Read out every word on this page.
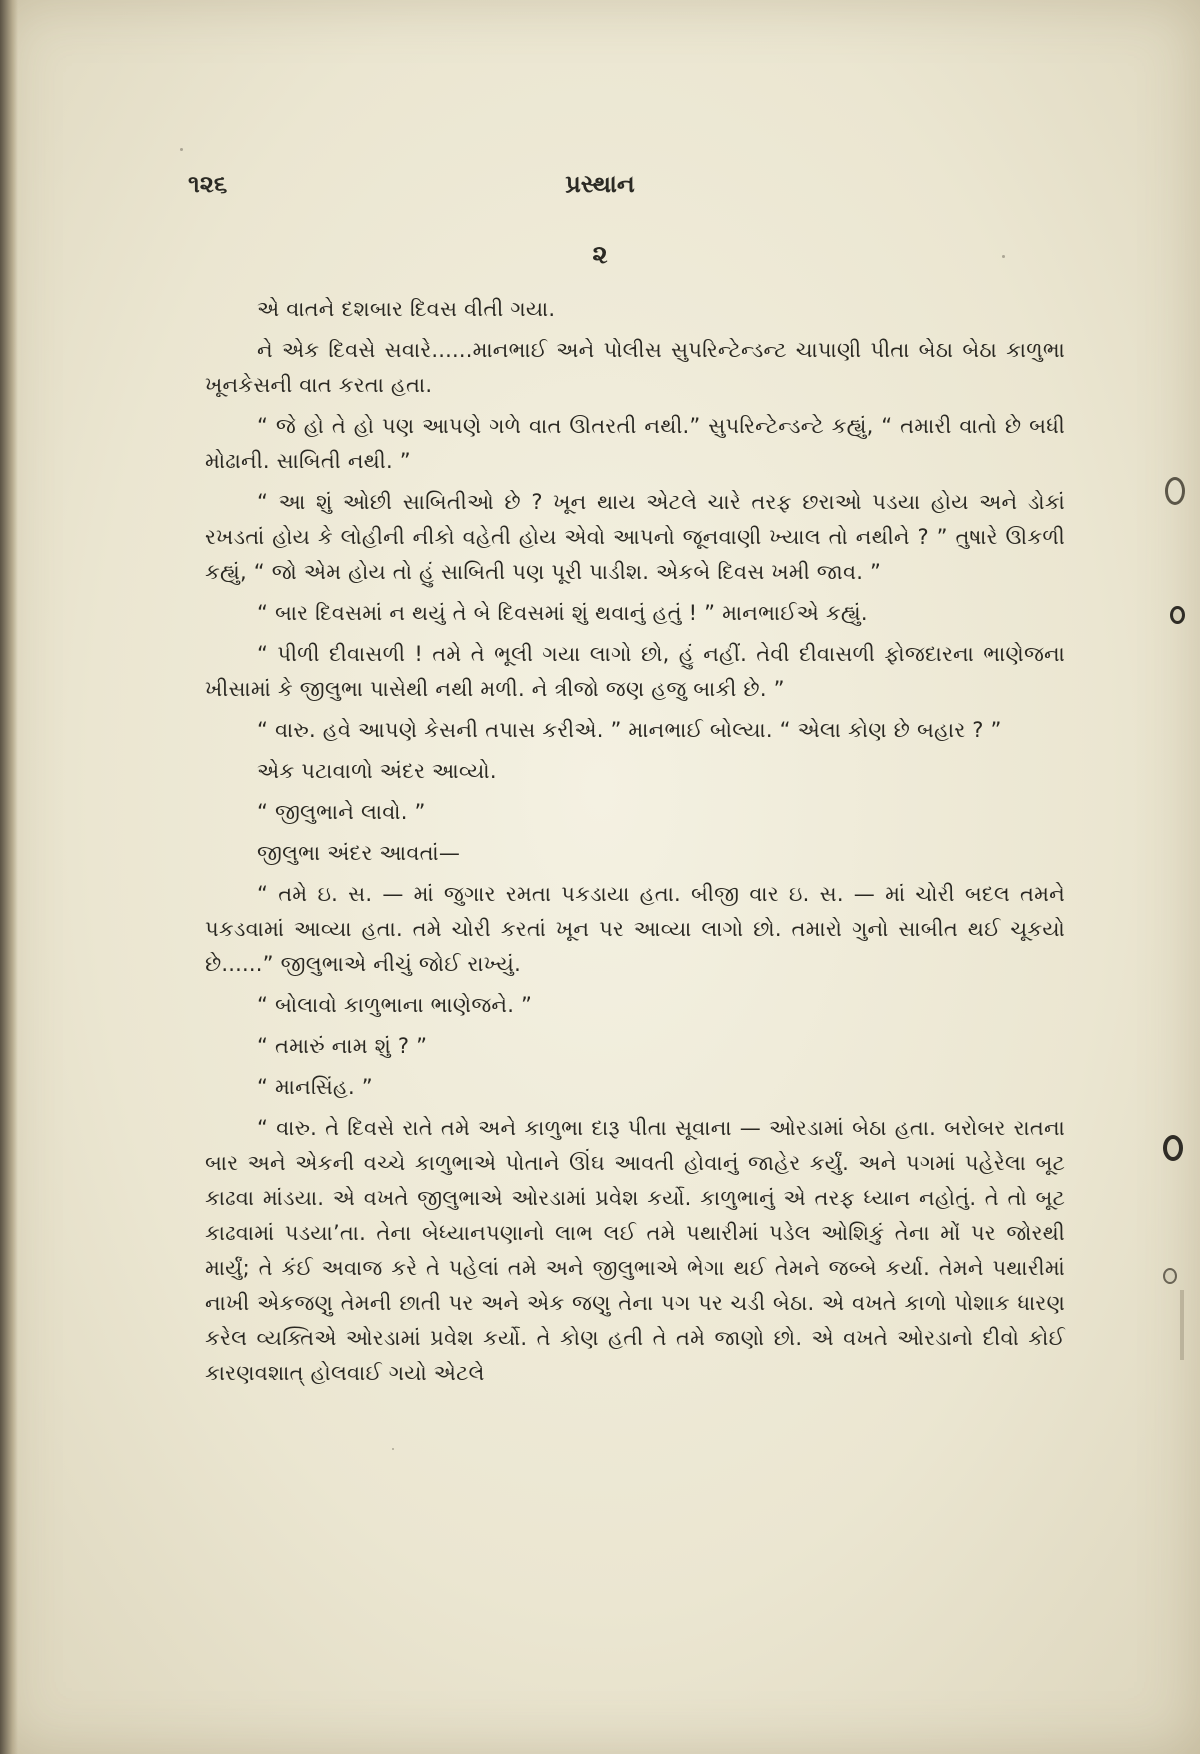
૧૨૬	પ્રસ્થાન
૨

એ વાતને દશબાર દિવસ વીતી ગયા.

ને એક દિવસે સવારે......માનભાઈ અને પોલીસ સુપરિન્ટેન્ડન્ટ ચાપાણી પીતા બેઠા બેઠા કાળુભા ખૂનકેસની વાત કરતા હતા.

“ જે હો તે હો પણ આપણે ગળે વાત ઊતરતી નથી.” સુપરિન્ટેન્ડન્ટે કહ્યું, “ તમારી વાતો છે બધી મોઢાની. સાબિતી નથી. ”

“ આ શું ઓછી સાબિતીઓ છે ? ખૂન થાય એટલે ચારે તરફ છરાઓ પડયા હોય અને ડોકાં રખડતાં હોય કે લોહીની નીકો વહેતી હોય એવો આપનો જૂનવાણી ખ્યાલ તો નથીને ? ” તુષારે ઊકળી કહ્યું, “ જો એમ હોય તો હું સાબિતી પણ પૂરી પાડીશ. એકબે દિવસ ખમી જાવ. ”

“ બાર દિવસમાં ન થયું તે બે દિવસમાં શું થવાનું હતું ! ” માનભાઈએ કહ્યું.

“ પીળી દીવાસળી ! તમે તે ભૂલી ગયા લાગો છો, હું નહીં. તેવી દીવાસળી ફોજદારના ભાણેજના ખીસામાં કે જીલુભા પાસેથી નથી મળી. ને ત્રીજો જણ હજુ બાકી છે. ”

“ વારુ. હવે આપણે કેસની તપાસ કરીએ. ” માનભાઈ બોલ્યા. “ એલા કોણ છે બહાર ? ”

એક પટાવાળો અંદર આવ્યો.

“ જીલુભાને લાવો. ”

જીલુભા અંદર આવતાં—

“ તમે ઇ. સ. — માં જુગાર રમતા પકડાયા હતા. બીજી વાર ઇ. સ. — માં ચોરી બદલ તમને પકડવામાં આવ્યા હતા. તમે ચોરી કરતાં ખૂન પર આવ્યા લાગો છો. તમારો ગુનો સાબીત થઈ ચૂકયો છે......” જીલુભાએ નીચું જોઈ રાખ્યું.

“ બોલાવો કાળુભાના ભાણેજને. ”

“ તમારું નામ શું ? ”

“ માનસિંહ. ”

“ વારુ. તે દિવસે રાતે તમે અને કાળુભા દારૂ પીતા સૂવાના — ઓરડામાં બેઠા હતા. બરોબર રાતના બાર અને એકની વચ્ચે કાળુભાએ પોતાને ઊંઘ આવતી હોવાનું જાહેર કર્યું. અને પગમાં પહેરેલા બૂટ કાઢવા માંડયા. એ વખતે જીલુભાએ ઓરડામાં પ્રવેશ કર્યો. કાળુભાનું એ તરફ ધ્યાન નહોતું. તે તો બૂટ કાઢવામાં પડયા’તા. તેના બેધ્યાનપણાનો લાભ લઈ તમે પથારીમાં પડેલ ઓશિકું તેના મોં પર જોરથી માર્યું; તે કંઈ અવાજ કરે તે પહેલાં તમે અને જીલુભાએ ભેગા થઈ તેમને જબ્બે કર્યા. તેમને પથારીમાં નાખી એકજણુ તેમની છાતી પર અને એક જણુ તેના પગ પર ચડી બેઠા. એ વખતે કાળો પોશાક ધારણ કરેલ વ્યક્તિએ ઓરડામાં પ્રવેશ કર્યો. તે કોણ હતી તે તમે જાણો છો. એ વખતે ઓરડાનો દીવો કોઈ કારણવશાત્ હોલવાઈ ગયો એટલે
